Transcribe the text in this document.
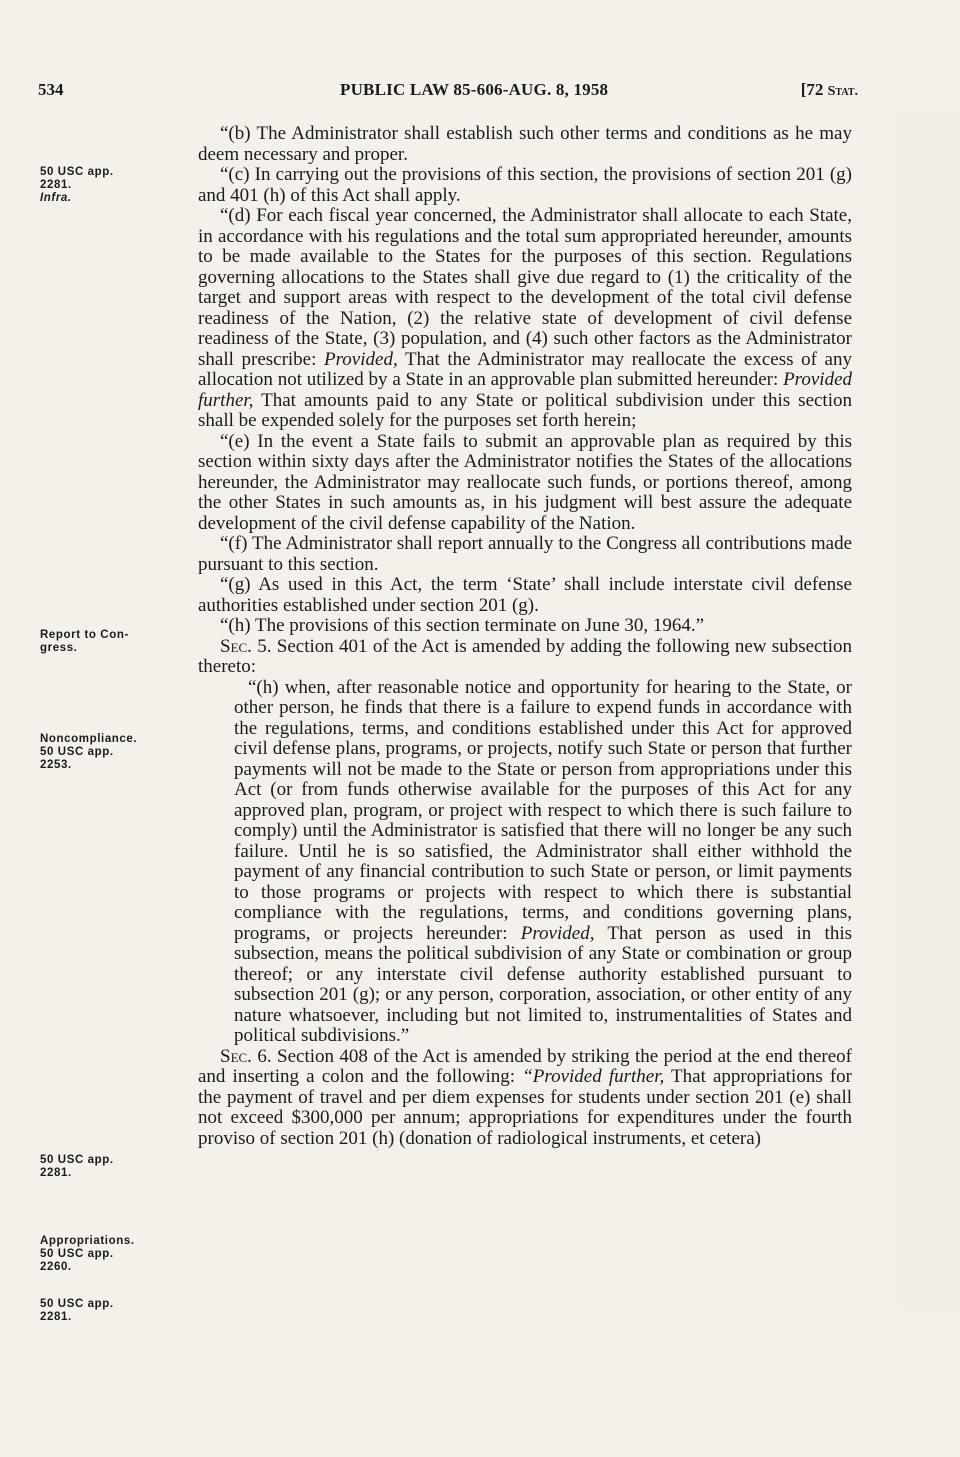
534	PUBLIC LAW 85-606-AUG. 8, 1958	[72 Stat.
50 USC app.
2281.
Infra.
Report to Con-
gress.
Noncompliance.
50 USC app.
2253.
50 USC app.
2281.
Appropriations.
50 USC app.
2260.
50 USC app.
2281.

“(b) The Administrator shall establish such other terms and conditions as he may deem necessary and proper.

“(c) In carrying out the provisions of this section, the provisions of section 201 (g) and 401 (h) of this Act shall apply.

“(d) For each fiscal year concerned, the Administrator shall allocate to each State, in accordance with his regulations and the total sum appropriated hereunder, amounts to be made available to the States for the purposes of this section. Regulations governing allocations to the States shall give due regard to (1) the criticality of the target and support areas with respect to the development of the total civil defense readiness of the Nation, (2) the relative state of development of civil defense readiness of the State, (3) population, and (4) such other factors as the Administrator shall prescribe: Provided, That the Administrator may reallocate the excess of any allocation not utilized by a State in an approvable plan submitted hereunder: Provided further, That amounts paid to any State or political subdivision under this section shall be expended solely for the purposes set forth herein;

“(e) In the event a State fails to submit an approvable plan as required by this section within sixty days after the Administrator notifies the States of the allocations hereunder, the Administrator may reallocate such funds, or portions thereof, among the other States in such amounts as, in his judgment will best assure the adequate development of the civil defense capability of the Nation.

“(f) The Administrator shall report annually to the Congress all contributions made pursuant to this section.

“(g) As used in this Act, the term ‘State’ shall include interstate civil defense authorities established under section 201 (g).

“(h) The provisions of this section terminate on June 30, 1964.”

Sec. 5. Section 401 of the Act is amended by adding the following new subsection thereto:

“(h) when, after reasonable notice and opportunity for hearing to the State, or other person, he finds that there is a failure to expend funds in accordance with the regulations, terms, and conditions established under this Act for approved civil defense plans, programs, or projects, notify such State or person that further payments will not be made to the State or person from appropriations under this Act (or from funds otherwise available for the purposes of this Act for any approved plan, program, or project with respect to which there is such failure to comply) until the Administrator is satisfied that there will no longer be any such failure. Until he is so satisfied, the Administrator shall either withhold the payment of any financial contribution to such State or person, or limit payments to those programs or projects with respect to which there is substantial compliance with the regulations, terms, and conditions governing plans, programs, or projects hereunder: Provided, That person as used in this subsection, means the political subdivision of any State or combination or group thereof; or any interstate civil defense authority established pursuant to subsection 201 (g); or any person, corporation, association, or other entity of any nature whatsoever, including but not limited to, instrumentalities of States and political subdivisions.”

Sec. 6. Section 408 of the Act is amended by striking the period at the end thereof and inserting a colon and the following: “Provided further, That appropriations for the payment of travel and per diem expenses for students under section 201 (e) shall not exceed $300,000 per annum; appropriations for expenditures under the fourth proviso of section 201 (h) (donation of radiological instruments, et cetera)
